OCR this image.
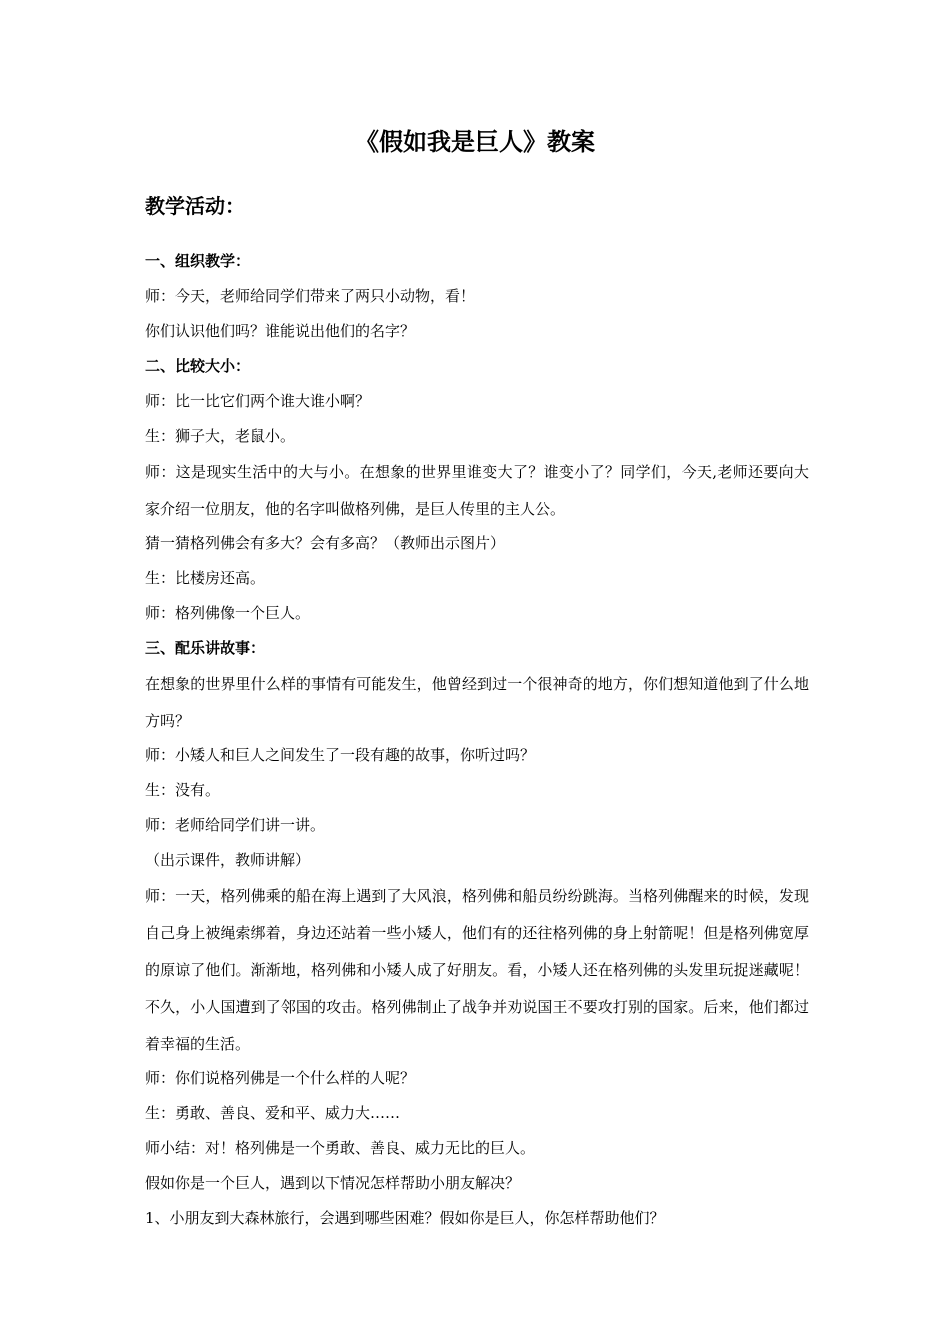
《假如我是巨人》教案
教学活动：
一、组织教学：
师：今天，老师给同学们带来了两只小动物，看！
你们认识他们吗？谁能说出他们的名字？
二、比较大小：
师：比一比它们两个谁大谁小啊？
生：狮子大，老鼠小。
师：这是现实生活中的大与小。在想象的世界里谁变大了？谁变小了？同学们，今天,老师还要向大家介绍一位朋友，他的名字叫做格列佛，是巨人传里的主人公。
猜一猜格列佛会有多大？会有多高？（教师出示图片）
生：比楼房还高。
师：格列佛像一个巨人。
三、配乐讲故事：
在想象的世界里什么样的事情有可能发生，他曾经到过一个很神奇的地方，你们想知道他到了什么地方吗？
师：小矮人和巨人之间发生了一段有趣的故事，你听过吗？
生：没有。
师：老师给同学们讲一讲。
（出示课件，教师讲解）
师：一天，格列佛乘的船在海上遇到了大风浪，格列佛和船员纷纷跳海。当格列佛醒来的时候，发现自己身上被绳索绑着，身边还站着一些小矮人，他们有的还往格列佛的身上射箭呢！但是格列佛宽厚的原谅了他们。渐渐地，格列佛和小矮人成了好朋友。看，小矮人还在格列佛的头发里玩捉迷藏呢！不久，小人国遭到了邻国的攻击。格列佛制止了战争并劝说国王不要攻打别的国家。后来，他们都过着幸福的生活。
师：你们说格列佛是一个什么样的人呢？
生：勇敢、善良、爱和平、威力大……
师小结：对！格列佛是一个勇敢、善良、威力无比的巨人。
假如你是一个巨人，遇到以下情况怎样帮助小朋友解决？
1、小朋友到大森林旅行，会遇到哪些困难？假如你是巨人，你怎样帮助他们？
